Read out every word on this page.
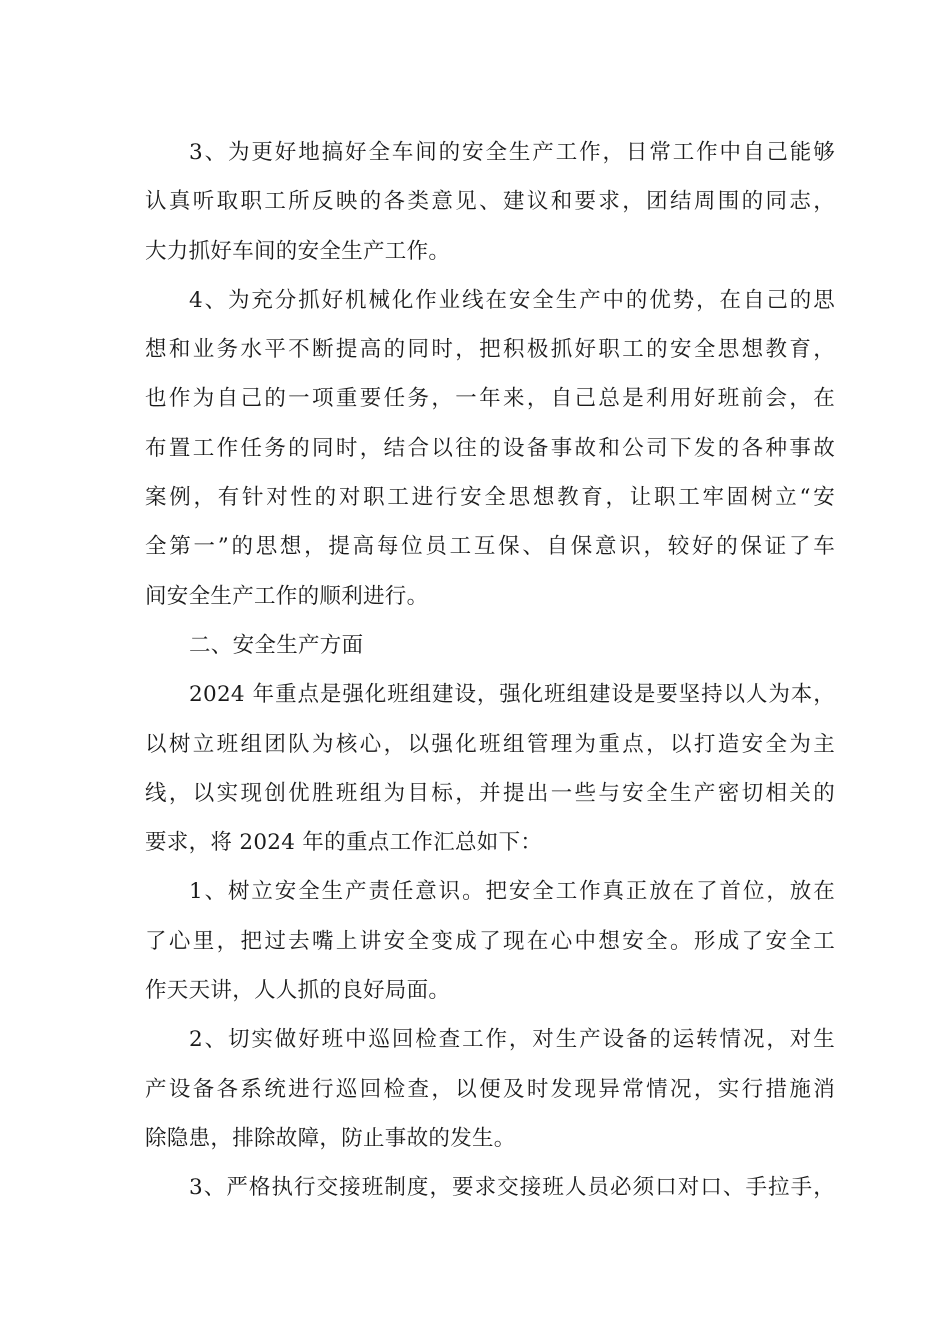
3、为更好地搞好全车间的安全生产工作，日常工作中自己能够
认真听取职工所反映的各类意见、建议和要求，团结周围的同志，
大力抓好车间的安全生产工作。
4、为充分抓好机械化作业线在安全生产中的优势，在自己的思
想和业务水平不断提高的同时，把积极抓好职工的安全思想教育，
也作为自己的一项重要任务，一年来，自己总是利用好班前会，在
布置工作任务的同时，结合以往的设备事故和公司下发的各种事故
案例，有针对性的对职工进行安全思想教育，让职工牢固树立“安
全第一”的思想，提高每位员工互保、自保意识，较好的保证了车
间安全生产工作的顺利进行。
二、安全生产方面
2024 年重点是强化班组建设，强化班组建设是要坚持以人为本，
以树立班组团队为核心，以强化班组管理为重点，以打造安全为主
线，以实现创优胜班组为目标，并提出一些与安全生产密切相关的
要求，将 2024 年的重点工作汇总如下：
1、树立安全生产责任意识。把安全工作真正放在了首位，放在
了心里，把过去嘴上讲安全变成了现在心中想安全。形成了安全工
作天天讲，人人抓的良好局面。
2、切实做好班中巡回检查工作，对生产设备的运转情况，对生
产设备各系统进行巡回检查，以便及时发现异常情况，实行措施消
除隐患，排除故障，防止事故的发生。
3、严格执行交接班制度，要求交接班人员必须口对口、手拉手，
